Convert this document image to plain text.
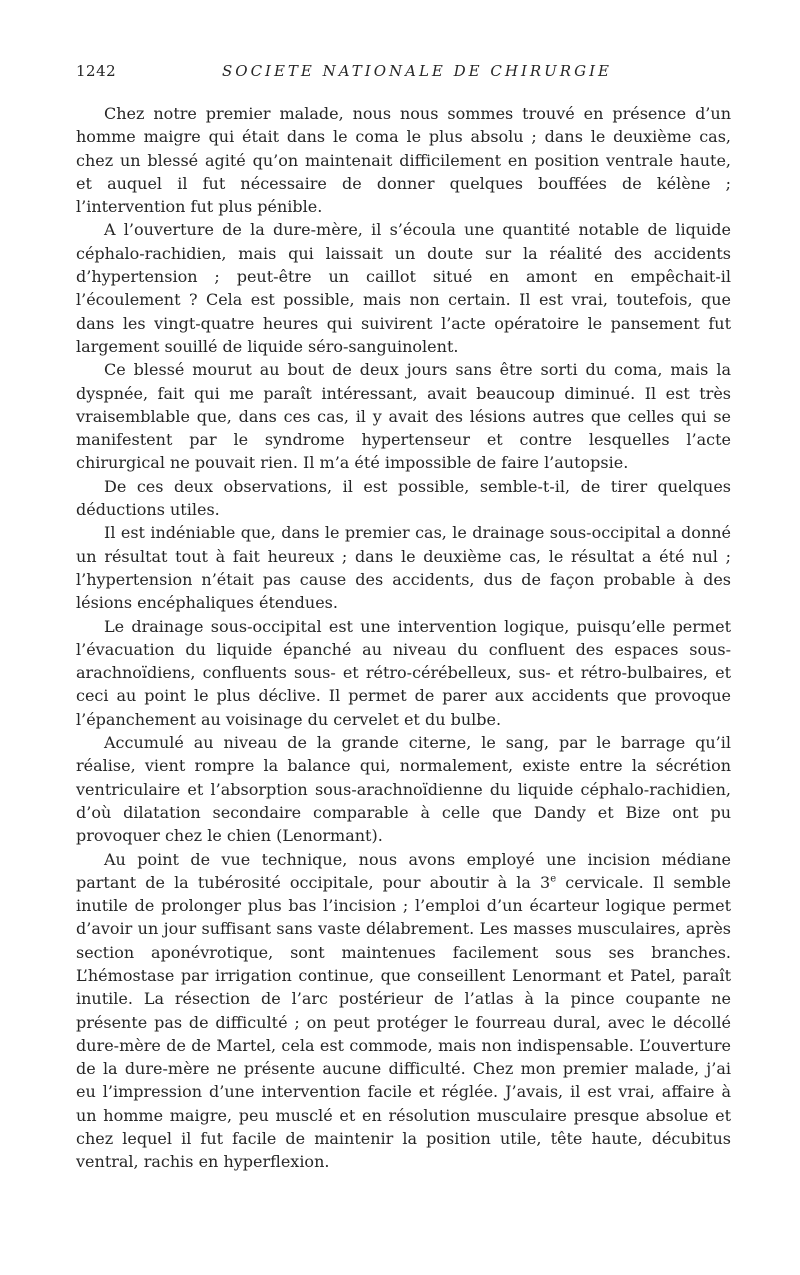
1242	SOCIETE NATIONALE DE CHIRURGIE

Chez notre premier malade, nous nous sommes trouvé en présence d’un homme maigre qui était dans le coma le plus absolu ; dans le deuxième cas, chez un blessé agité qu’on maintenait difficilement en position ventrale haute, et auquel il fut nécessaire de donner quelques bouffées de kélène ; l’intervention fut plus pénible.

A l’ouverture de la dure-mère, il s’écoula une quantité notable de liquide céphalo-rachidien, mais qui laissait un doute sur la réalité des accidents d’hypertension ; peut-être un caillot situé en amont en empêchait-il l’écoulement ? Cela est possible, mais non certain. Il est vrai, toutefois, que dans les vingt-quatre heures qui suivirent l’acte opératoire le pansement fut largement souillé de liquide séro-sanguinolent.

Ce blessé mourut au bout de deux jours sans être sorti du coma, mais la dyspnée, fait qui me paraît intéressant, avait beaucoup diminué. Il est très vraisemblable que, dans ces cas, il y avait des lésions autres que celles qui se manifestent par le syndrome hypertenseur et contre lesquelles l’acte chirurgical ne pouvait rien. Il m’a été impossible de faire l’autopsie.

De ces deux observations, il est possible, semble-t-il, de tirer quelques déductions utiles.

Il est indéniable que, dans le premier cas, le drainage sous-occipital a donné un résultat tout à fait heureux ; dans le deuxième cas, le résultat a été nul ; l’hypertension n’était pas cause des accidents, dus de façon probable à des lésions encéphaliques étendues.

Le drainage sous-occipital est une intervention logique, puisqu’elle permet l’évacuation du liquide épanché au niveau du confluent des espaces sous-arachnoïdiens, confluents sous- et rétro-cérébelleux, sus- et rétro-bulbaires, et ceci au point le plus déclive. Il permet de parer aux accidents que provoque l’épanchement au voisinage du cervelet et du bulbe.

Accumulé au niveau de la grande citerne, le sang, par le barrage qu’il réalise, vient rompre la balance qui, normalement, existe entre la sécrétion ventriculaire et l’absorption sous-arachnoïdienne du liquide céphalo-rachidien, d’où dilatation secondaire comparable à celle que Dandy et Bize ont pu provoquer chez le chien (Lenormant).

Au point de vue technique, nous avons employé une incision médiane partant de la tubérosité occipitale, pour aboutir à la 3e cervicale. Il semble inutile de prolonger plus bas l’incision ; l’emploi d’un écarteur logique permet d’avoir un jour suffisant sans vaste délabrement. Les masses musculaires, après section aponévrotique, sont maintenues facilement sous ses branches. L’hémostase par irrigation continue, que conseillent Lenormant et Patel, paraît inutile. La résection de l’arc postérieur de l’atlas à la pince coupante ne présente pas de difficulté ; on peut protéger le fourreau dural, avec le décollé dure-mère de de Martel, cela est commode, mais non indispensable. L’ouverture de la dure-mère ne présente aucune difficulté. Chez mon premier malade, j’ai eu l’impression d’une intervention facile et réglée. J’avais, il est vrai, affaire à un homme maigre, peu musclé et en résolution musculaire presque absolue et chez lequel il fut facile de maintenir la position utile, tête haute, décubitus ventral, rachis en hyperflexion.
